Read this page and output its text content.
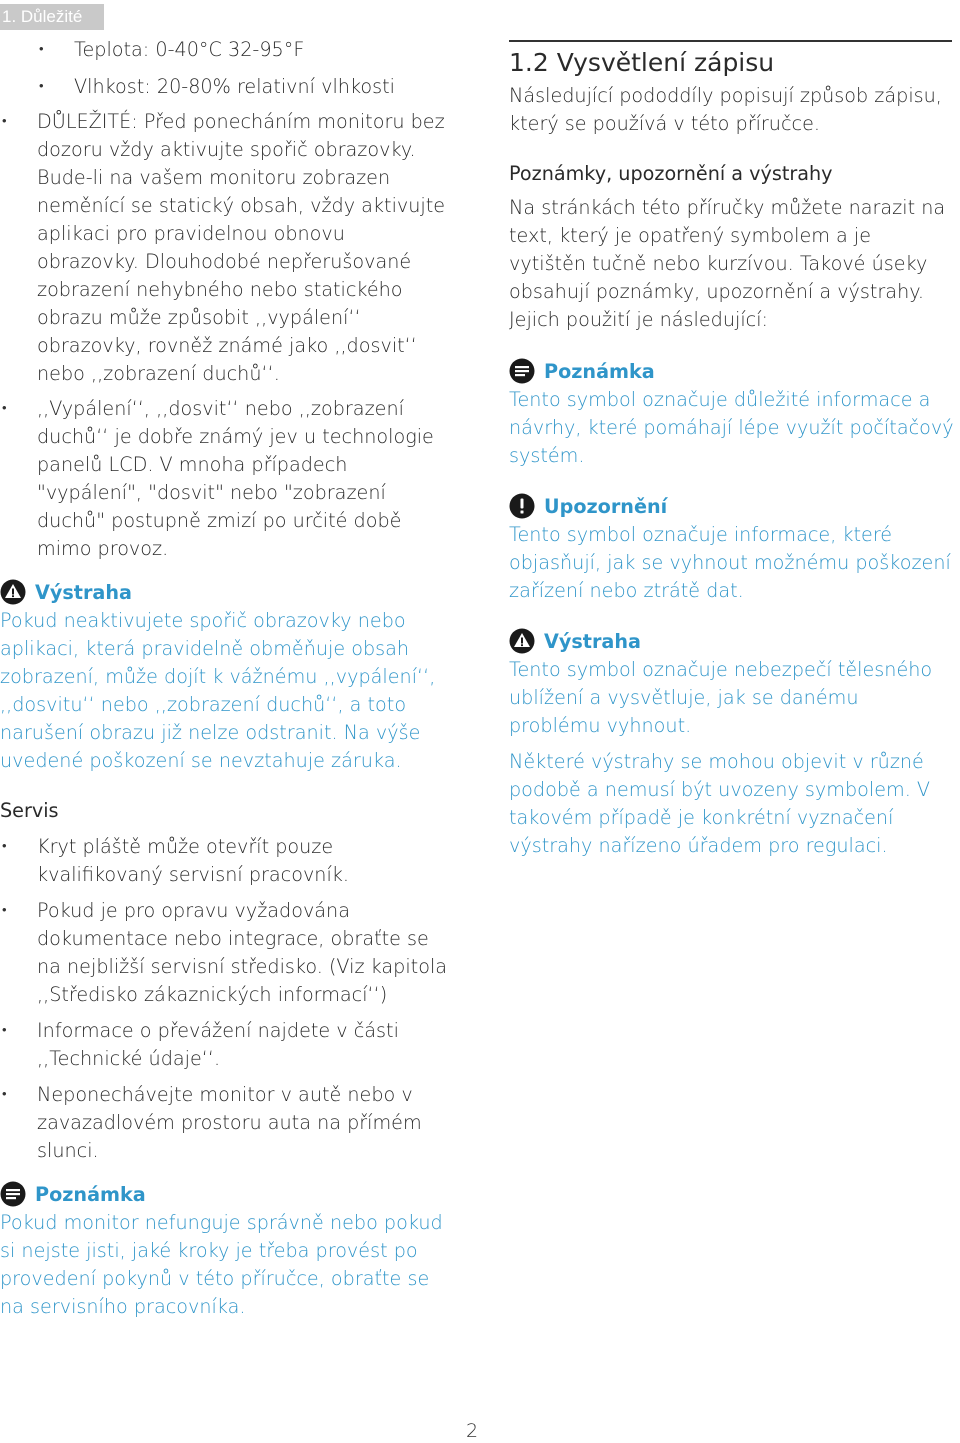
1. Důležité
• Teplota: 0-40°C 32-95°F
• Vlhkost: 20-80% relativní vlhkosti
• DŮLEŽITÉ: Před ponecháním monitoru bez dozoru vždy aktivujte spořič obrazovky. Bude-li na vašem monitoru zobrazen neměnící se statický obsah, vždy aktivujte aplikaci pro pravidelnou obnovu obrazovky. Dlouhodobé nepřerušované zobrazení nehybného nebo statického obrazu může způsobit ,,vypálení‘‘ obrazovky, rovněž známé jako ,,dosvit‘‘ nebo ,,zobrazení duchů‘‘.
• ,,Vypálení‘‘, ,,dosvit‘‘ nebo ,,zobrazení duchů‘‘ je dobře známý jev u technologie panelů LCD. V mnoha případech "vypálení", "dosvit" nebo "zobrazení duchů" postupně zmizí po určité době mimo provoz.
Výstraha

Pokud neaktivujete spořič obrazovky nebo aplikaci, která pravidelně obměňuje obsah zobrazení, může dojít k vážnému ,,vypálení‘‘, ,,dosvitu‘‘ nebo ,,zobrazení duchů‘‘, a toto narušení obrazu již nelze odstranit. Na výše uvedené poškození se nevztahuje záruka.

Servis

• Kryt pláště může otevřít pouze kvalifikovaný servisní pracovník.
• Pokud je pro opravu vyžadována dokumentace nebo integrace, obraťte se na nejbližší servisní středisko. (Viz kapitola ,,Středisko zákaznických informací‘‘)
• Informace o převážení najdete v části ,,Technické údaje‘‘.
• Neponechávejte monitor v autě nebo v zavazadlovém prostoru auta na přímém slunci.
Poznámka

Pokud monitor nefunguje správně nebo pokud si nejste jisti, jaké kroky je třeba provést po provedení pokynů v této příručce, obraťte se na servisního pracovníka.

1.2 Vysvětlení zápisu

Následující pododdíly popisují způsob zápisu, který se používá v této příručce.

Poznámky, upozornění a výstrahy

Na stránkách této příručky můžete narazit na text, který je opatřený symbolem a je vytištěn tučně nebo kurzívou. Takové úseky obsahují poznámky, upozornění a výstrahy. Jejich použití je následující:

Poznámka

Tento symbol označuje důležité informace a návrhy, které pomáhají lépe využít počítačový systém.

Upozornění

Tento symbol označuje informace, které objasňují, jak se vyhnout možnému poškození zařízení nebo ztrátě dat.

Výstraha

Tento symbol označuje nebezpečí tělesného ublížení a vysvětluje, jak se danému problému vyhnout.

Některé výstrahy se mohou objevit v různé podobě a nemusí být uvozeny symbolem. V takovém případě je konkrétní vyznačení výstrahy nařízeno úřadem pro regulaci.

2
